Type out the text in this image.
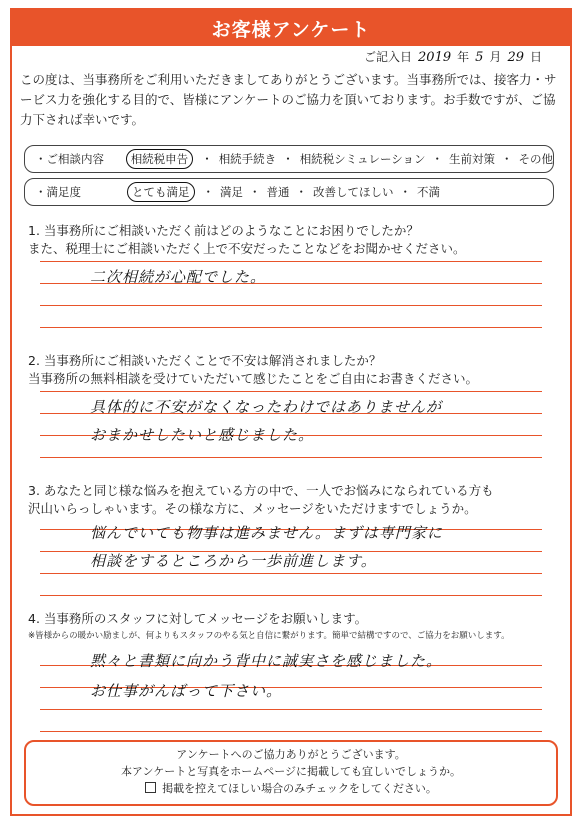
お客様アンケート
ご記入日 2019 年 5 月 29 日
この度は、当事務所をご利用いただきましてありがとうございます。当事務所では、接客力・サービス力を強化する目的で、皆様にアンケートのご協力を頂いております。お手数ですが、ご協力下されば幸いです。
・ご相談内容	相続税申告	・ 相続手続き ・ 相続税シミュレーション ・ 生前対策 ・ その他
・満足度	とても満足	・ 満足 ・ 普通 ・ 改善してほしい ・ 不満
1. 当事務所にご相談いただく前はどのようなことにお困りでしたか？
また、税理士にご相談いただく上で不安だったことなどをお聞かせください。
二次相続が心配でした。
2. 当事務所にご相談いただくことで不安は解消されましたか？
当事務所の無料相談を受けていただいて感じたことをご自由にお書きください。
具体的に不安がなくなったわけではありませんが
おまかせしたいと感じました。
3. あなたと同じ様な悩みを抱えている方の中で、一人でお悩みになられている方も
沢山いらっしゃいます。その様な方に、メッセージをいただけますでしょうか。
悩んでいても物事は進みません。まずは専門家に
相談をするところから一歩前進します。
4. 当事務所のスタッフに対してメッセージをお願いします。
※皆様からの暖かい励ましが、何よりもスタッフのやる気と自信に繋がります。簡単で結構ですので、ご協力をお願いします。
黙々と書類に向かう背中に誠実さを感じました。
お仕事がんばって下さい。
アンケートへのご協力ありがとうございます。
本アンケートと写真をホームページに掲載しても宜しいでしょうか。
掲載を控えてほしい場合のみチェックをしてください。
